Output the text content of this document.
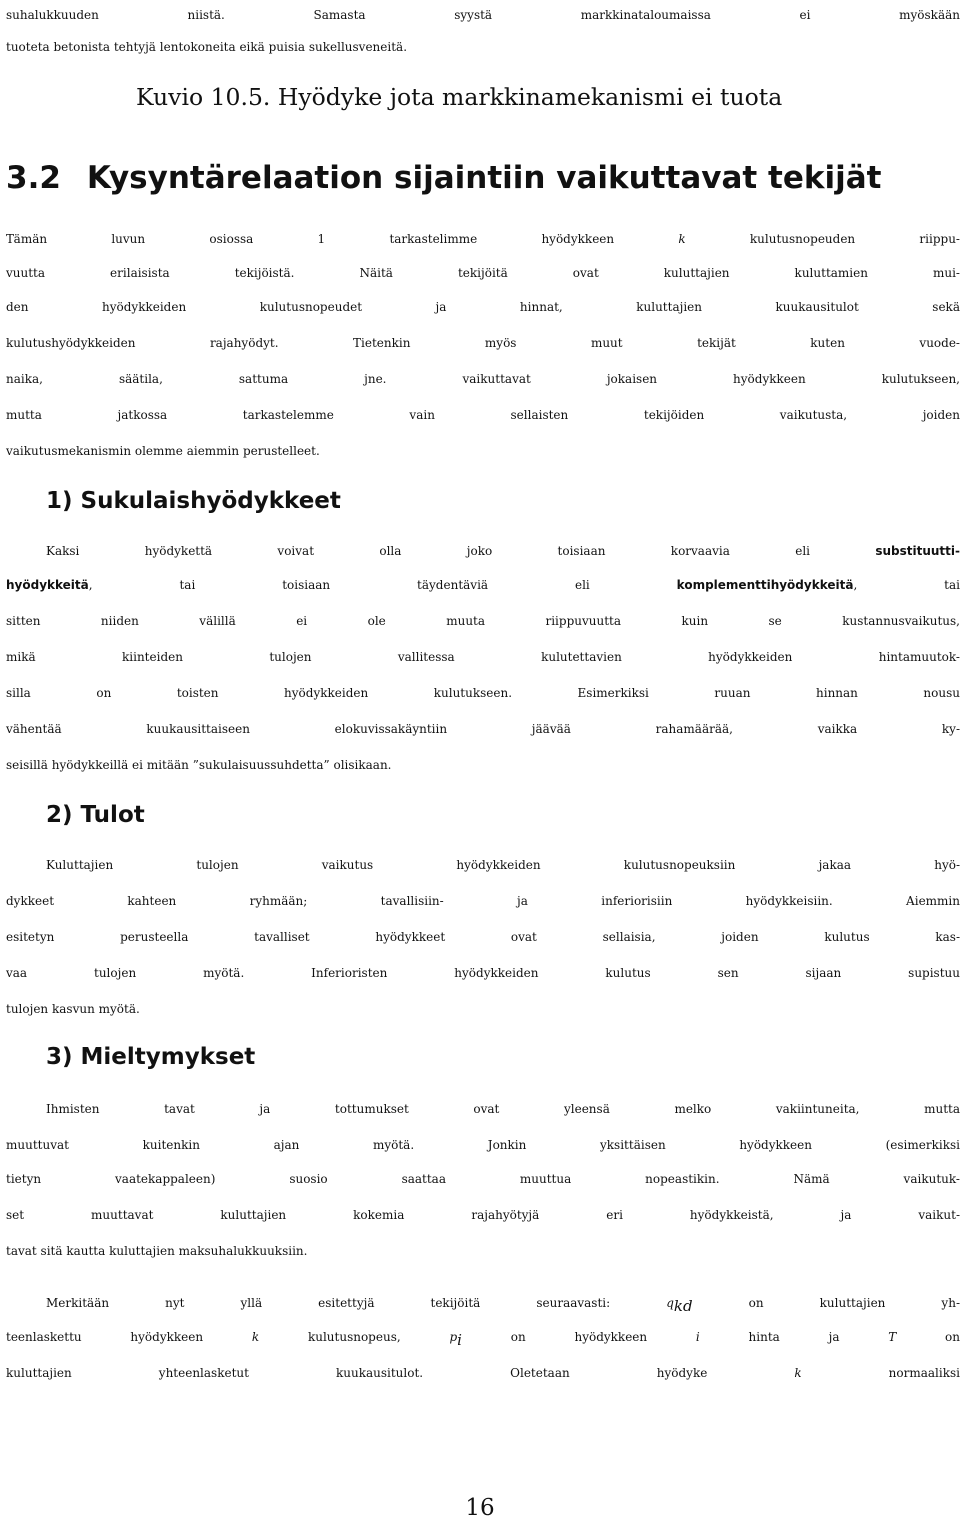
suhalukkuuden niistä. Samasta syystä markkinataloumaissa ei myöskään

tuoteta betonista tehtyjä lentokoneita eikä puisia sukellusveneitä.

Kuvio 10.5. Hyödyke jota markkinamekanismi ei tuota

3.2 Kysyntärelaation sijaintiin vaikuttavat tekijät

Tämän luvun osiossa 1 tarkastelimme hyödykkeen k kulutusnopeuden riippu-

vuutta erilaisista tekijöistä. Näitä tekijöitä ovat kuluttajien kuluttamien mui-

den hyödykkeiden kulutusnopeudet ja hinnat, kuluttajien kuukausitulot sekä

kulutushyödykkeiden rajahyödyt. Tietenkin myös muut tekijät kuten vuode-

naika, säätila, sattuma jne. vaikuttavat jokaisen hyödykkeen kulutukseen,

mutta jatkossa tarkastelemme vain sellaisten tekijöiden vaikutusta, joiden

vaikutusmekanismin olemme aiemmin perustelleet.

1) Sukulaishyödykkeet

Kaksi hyödykettä voivat olla joko toisiaan korvaavia eli substituutti-

hyödykkeitä, tai toisiaan täydentäviä eli komplementtihyödykkeitä, tai

sitten niiden välillä ei ole muuta riippuvuutta kuin se kustannusvaikutus,

mikä kiinteiden tulojen vallitessa kulutettavien hyödykkeiden hintamuutok-

silla on toisten hyödykkeiden kulutukseen. Esimerkiksi ruuan hinnan nousu

vähentää kuukausittaiseen elokuvissakäyntiin jäävää rahamäärää, vaikka ky-

seisillä hyödykkeillä ei mitään ”sukulaisuussuhdetta” olisikaan.

2) Tulot

Kuluttajien tulojen vaikutus hyödykkeiden kulutusnopeuksiin jakaa hyö-

dykkeet kahteen ryhmään; tavallisiin- ja inferiorisiin hyödykkeisiin. Aiemmin

esitetyn perusteella tavalliset hyödykkeet ovat sellaisia, joiden kulutus kas-

vaa tulojen myötä. Inferioristen hyödykkeiden kulutus sen sijaan supistuu

tulojen kasvun myötä.

3) Mieltymykset

Ihmisten tavat ja tottumukset ovat yleensä melko vakiintuneita, mutta

muuttuvat kuitenkin ajan myötä. Jonkin yksittäisen hyödykkeen (esimerkiksi

tietyn vaatekappaleen) suosio saattaa muuttua nopeastikin. Nämä vaikutuk-

set muuttavat kuluttajien kokemia rajahyötyjä eri hyödykkeistä, ja vaikut-

tavat sitä kautta kuluttajien maksuhalukkuuksiin.

Merkitään nyt yllä esitettyjä tekijöitä seuraavasti: $q_{kd}$ on kuluttajien yh-

teenlaskettu hyödykkeen k kulutusnopeus, $p_i$ on hyödykkeen i hinta ja T on

kuluttajien yhteenlasketut kuukausitulot. Oletetaan hyödyke k normaaliksi

16
